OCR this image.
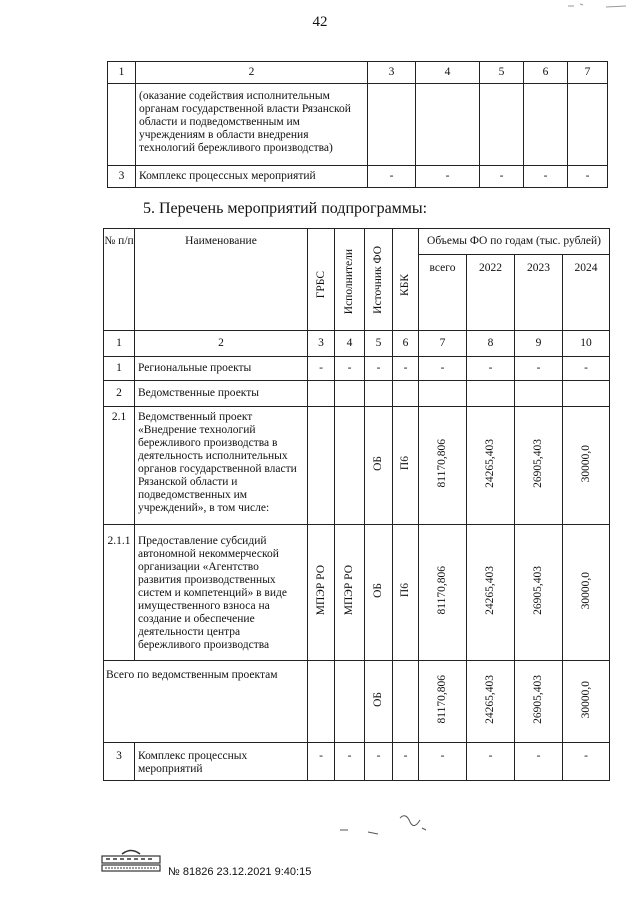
42
1	2	3	4	5	6	7
	(оказание содействия исполнительным органам государственной власти Рязанской области и подведомственным им учреждениям в области внедрения технологий бережливого производства)					
3	Комплекс процессных мероприятий	-	-	-	-	-
5. Перечень мероприятий подпрограммы:
№ п/п	Наименование	ГРБС	Исполнители	Источник ФО	КБК	Объемы ФО по годам (тыс. рублей)			
						всего	2022	2023	2024
1	2	3	4	5	6	7	8	9	10
1	Региональные проекты	-	-	-	-	-	-	-	-
2	Ведомственные проекты								
2.1	Ведомственный проект «Внедрение технологий бережливого производства в деятельность исполнительных органов государственной власти Рязанской области и подведомственных им учреждений», в том числе:			ОБ	П6	81170,806	24265,403	26905,403	30000,0
2.1.1	Предоставление субсидий автономной некоммерческой организации «Агентство развития производственных систем и компетенций» в виде имущественного взноса на создание и обеспечение деятельности центра бережливого производства	МПЭР РО	МПЭР РО	ОБ	П6	81170,806	24265,403	26905,403	30000,0
Всего по ведомственным проектам				ОБ		81170,806	24265,403	26905,403	30000,0
3	Комплекс процессных мероприятий	-	-	-	-	-	-	-	-
№ 81826 23.12.2021 9:40:15
